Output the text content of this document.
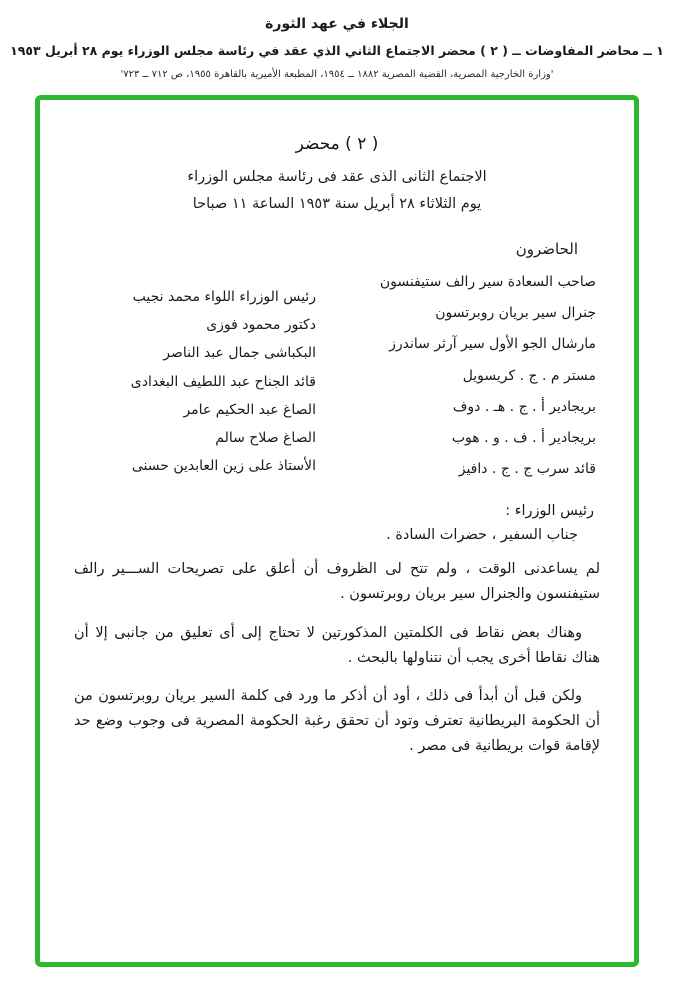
الجلاء في عهد الثورة
١ ــ محاضر المفاوضات ــ ( ٢ ) محضر الاجتماع الثاني الذي عقد في رئاسة مجلس الوزراء يوم ٢٨ أبريل ١٩٥٣
'وزارة الخارجية المصرية، القضية المصرية ١٨٨٢ ــ ١٩٥٤، المطبعة الأميرية بالقاهرة ١٩٥٥، ص ٧١٢ ــ ٧٢٣'
( ٢ ) محضر
الاجتماع الثانى الذى عقد فى رئاسة مجلس الوزراء
يوم الثلاثاء ٢٨ أبريل سنة ١٩٥٣ الساعة ١١ صباحا
الحاضرون
صاحب السعادة سير رالف ستيفنسون
جنرال سير بريان روبرتسون
مارشال الجو الأول سير آرثر ساندرز
مستر م . ج . كريسويل
بريجادير أ . ج . هـ . دوف
بريجادير أ . ف . و . هوب
قائد سرب ج . ج . دافيز
رئيس الوزراء اللواء محمد نجيب
دكتور محمود فوزى
البكباشى جمال عبد الناصر
قائد الجناح عبد اللطيف البغدادى
الصاغ عبد الحكيم عامر
الصاغ صلاح سالم
الأستاذ على زين العابدين حسنى
رئيس الوزراء :
جناب السفير ، حضرات السادة .

لم يساعدنى الوقت ، ولم تتح لى الظروف أن أعلق على تصريحات الســـير رالف ستيفنسون والجنرال سير بريان روبرتسون .

وهناك بعض نقاط فى الكلمتين المذكورتين لا تحتاج إلى أى تعليق من جانبى إلا أن هناك نقاطا أخرى يجب أن نتناولها بالبحث .

ولكن قبل أن أبدأ فى ذلك ، أود أن أذكر ما ورد فى كلمة السير بريان روبرتسون من أن الحكومة البريطانية تعترف وتود أن تحقق رغبة الحكومة المصرية فى وجوب وضع حد لإقامة قوات بريطانية فى مصر .
